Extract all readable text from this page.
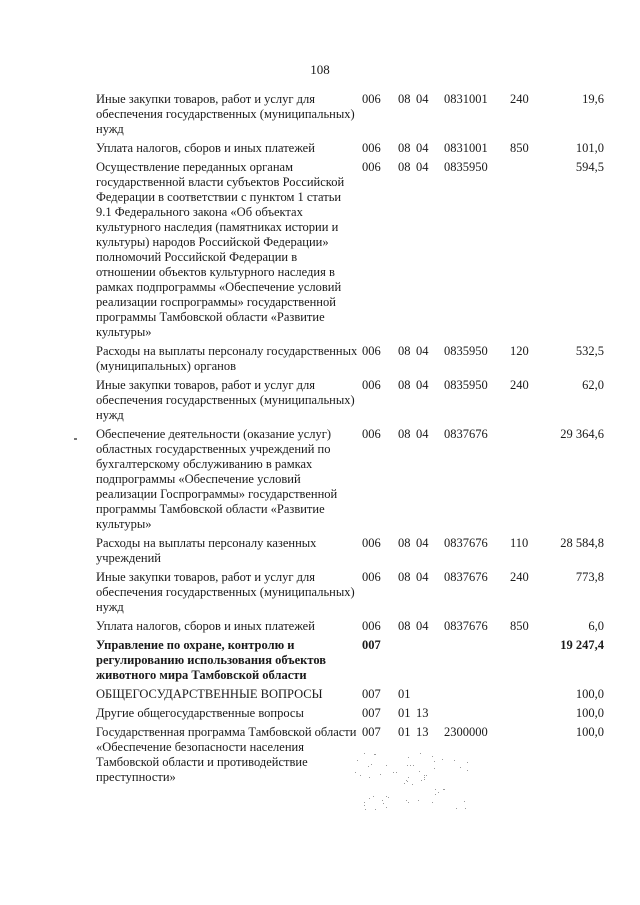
108
Иные закупки товаров, работ и услуг для обеспечения государственных (муниципальных) нужд	006	08	04	0831001	240	19,6
Уплата налогов, сборов и иных платежей	006	08	04	0831001	850	101,0
Осуществление переданных органам государственной власти субъектов Российской Федерации в соответствии с пунктом 1 статьи 9.1 Федерального закона «Об объектах культурного наследия (памятниках истории и культуры) народов Российской Федерации» полномочий Российской Федерации в отношении объектов культурного наследия в рамках подпрограммы «Обеспечение условий реализации госпрограммы» государственной программы Тамбовской области «Развитие культуры»	006	08	04	0835950		594,5
Расходы на выплаты персоналу государственных (муниципальных) органов	006	08	04	0835950	120	532,5
Иные закупки товаров, работ и услуг для обеспечения государственных (муниципальных) нужд	006	08	04	0835950	240	62,0
Обеспечение деятельности (оказание услуг) областных государственных учреждений по бухгалтерскому обслуживанию в рамках подпрограммы «Обеспечение условий реализации Госпрограммы» государственной программы Тамбовской области «Развитие культуры»	006	08	04	0837676		29 364,6
Расходы на выплаты персоналу казенных учреждений	006	08	04	0837676	110	28 584,8
Иные закупки товаров, работ и услуг для обеспечения государственных (муниципальных) нужд	006	08	04	0837676	240	773,8
Уплата налогов, сборов и иных платежей	006	08	04	0837676	850	6,0
Управление по охране, контролю и регулированию использования объектов животного мира Тамбовской области	007					19 247,4
ОБЩЕГОСУДАРСТВЕННЫЕ ВОПРОСЫ	007	01				100,0
Другие общегосударственные вопросы	007	01	13			100,0
Государственная программа Тамбовской области «Обеспечение безопасности населения Тамбовской области и противодействие преступности»	007	01	13	2300000		100,0
